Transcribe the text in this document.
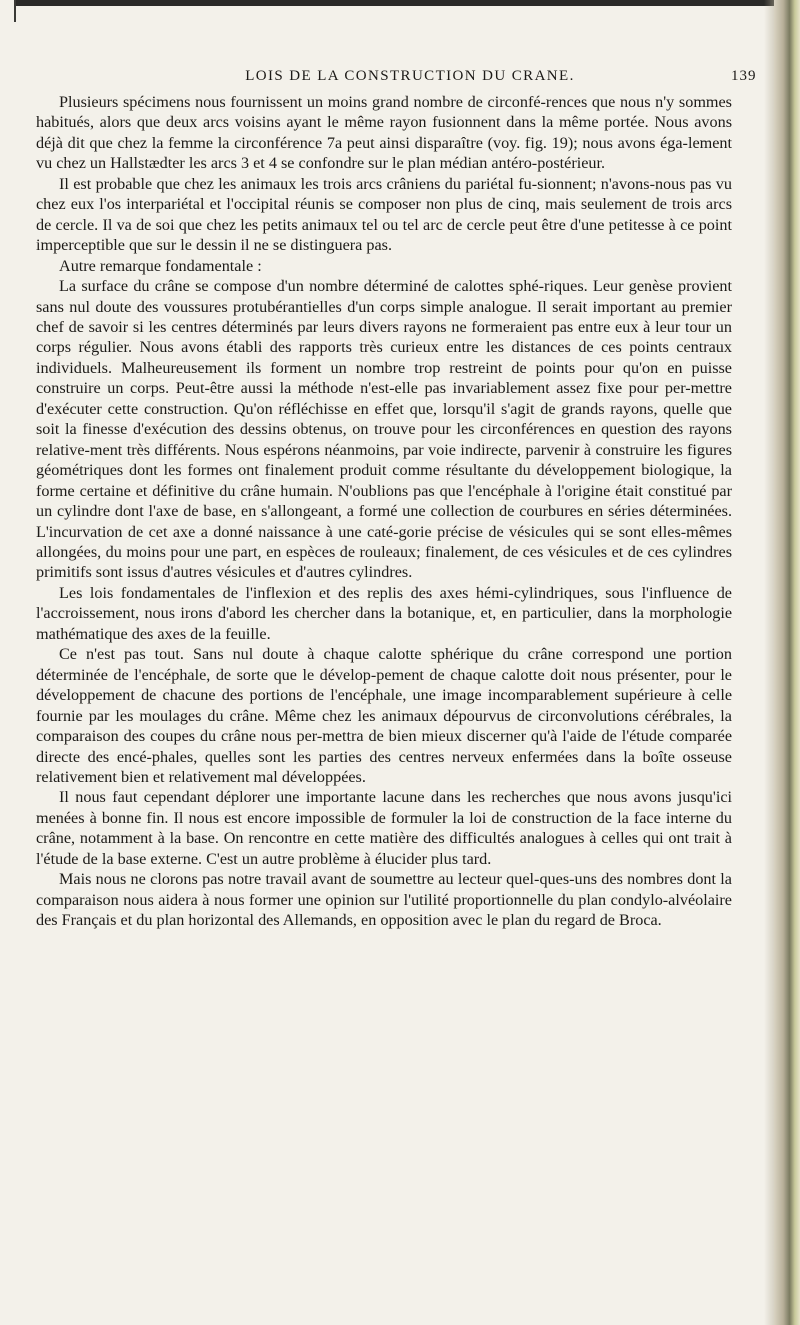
LOIS DE LA CONSTRUCTION DU CRANE.	139

Plusieurs spécimens nous fournissent un moins grand nombre de circonfé-rences que nous n'y sommes habitués, alors que deux arcs voisins ayant le même rayon fusionnent dans la même portée. Nous avons déjà dit que chez la femme la circonférence 7a peut ainsi disparaître (voy. fig. 19); nous avons éga-lement vu chez un Hallstædter les arcs 3 et 4 se confondre sur le plan médian antéro-postérieur.

Il est probable que chez les animaux les trois arcs crâniens du pariétal fu-sionnent; n'avons-nous pas vu chez eux l'os interpariétal et l'occipital réunis se composer non plus de cinq, mais seulement de trois arcs de cercle. Il va de soi que chez les petits animaux tel ou tel arc de cercle peut être d'une petitesse à ce point imperceptible que sur le dessin il ne se distinguera pas.

Autre remarque fondamentale :

La surface du crâne se compose d'un nombre déterminé de calottes sphé-riques. Leur genèse provient sans nul doute des voussures protubérantielles d'un corps simple analogue. Il serait important au premier chef de savoir si les centres déterminés par leurs divers rayons ne formeraient pas entre eux à leur tour un corps régulier. Nous avons établi des rapports très curieux entre les distances de ces points centraux individuels. Malheureusement ils forment un nombre trop restreint de points pour qu'on en puisse construire un corps. Peut-être aussi la méthode n'est-elle pas invariablement assez fixe pour per-mettre d'exécuter cette construction. Qu'on réfléchisse en effet que, lorsqu'il s'agit de grands rayons, quelle que soit la finesse d'exécution des dessins obtenus, on trouve pour les circonférences en question des rayons relative-ment très différents. Nous espérons néanmoins, par voie indirecte, parvenir à construire les figures géométriques dont les formes ont finalement produit comme résultante du développement biologique, la forme certaine et définitive du crâne humain. N'oublions pas que l'encéphale à l'origine était constitué par un cylindre dont l'axe de base, en s'allongeant, a formé une collection de courbures en séries déterminées. L'incurvation de cet axe a donné naissance à une caté-gorie précise de vésicules qui se sont elles-mêmes allongées, du moins pour une part, en espèces de rouleaux; finalement, de ces vésicules et de ces cylindres primitifs sont issus d'autres vésicules et d'autres cylindres.

Les lois fondamentales de l'inflexion et des replis des axes hémi-cylindriques, sous l'influence de l'accroissement, nous irons d'abord les chercher dans la botanique, et, en particulier, dans la morphologie mathématique des axes de la feuille.

Ce n'est pas tout. Sans nul doute à chaque calotte sphérique du crâne correspond une portion déterminée de l'encéphale, de sorte que le dévelop-pement de chaque calotte doit nous présenter, pour le développement de chacune des portions de l'encéphale, une image incomparablement supérieure à celle fournie par les moulages du crâne. Même chez les animaux dépourvus de circonvolutions cérébrales, la comparaison des coupes du crâne nous per-mettra de bien mieux discerner qu'à l'aide de l'étude comparée directe des encé-phales, quelles sont les parties des centres nerveux enfermées dans la boîte osseuse relativement bien et relativement mal développées.

Il nous faut cependant déplorer une importante lacune dans les recherches que nous avons jusqu'ici menées à bonne fin. Il nous est encore impossible de formuler la loi de construction de la face interne du crâne, notamment à la base. On rencontre en cette matière des difficultés analogues à celles qui ont trait à l'étude de la base externe. C'est un autre problème à élucider plus tard.

Mais nous ne clorons pas notre travail avant de soumettre au lecteur quel-ques-uns des nombres dont la comparaison nous aidera à nous former une opinion sur l'utilité proportionnelle du plan condylo-alvéolaire des Français et du plan horizontal des Allemands, en opposition avec le plan du regard de Broca.
